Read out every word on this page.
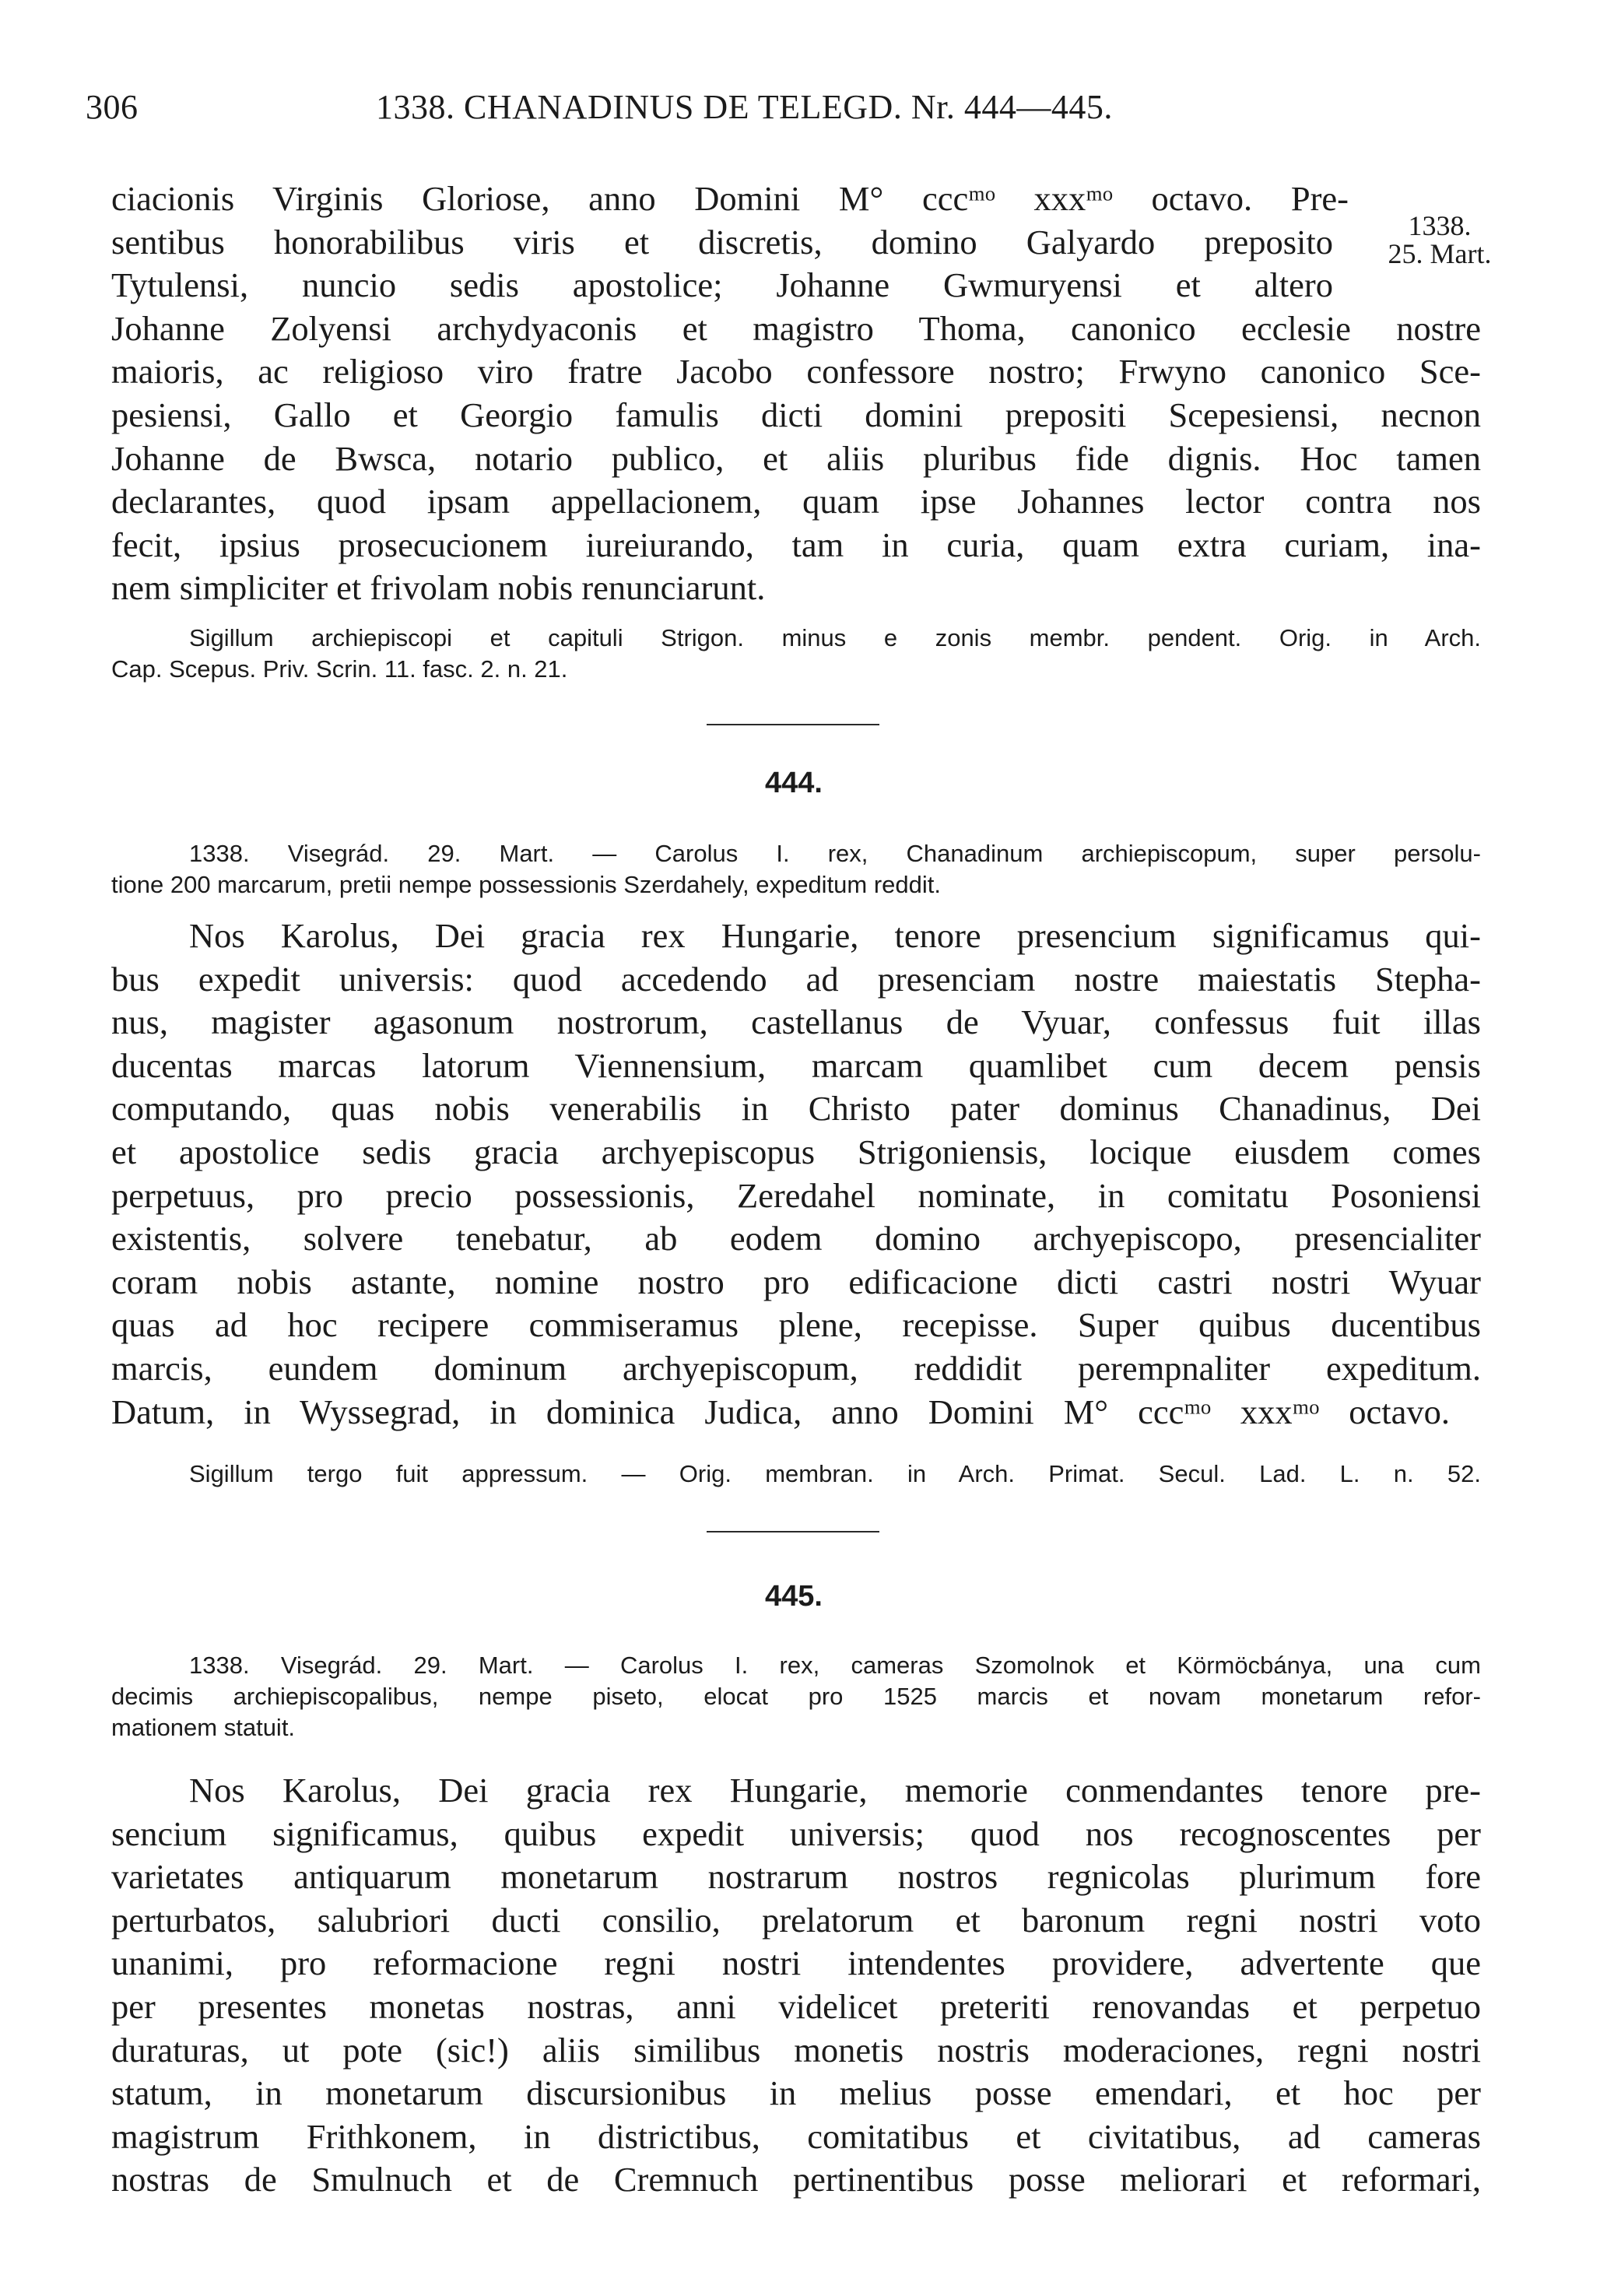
306	1338. CHANADINUS DE TELEGD. Nr. 444—445.
1338.
25. Mart.
ciacionis Virginis Gloriose, anno Domini M° cccᵐᵒ xxxᵐᵒ octavo. Pre-
sentibus honorabilibus viris et discretis, domino Galyardo preposito
Tytulensi, nuncio sedis apostolice; Johanne Gwmuryensi et altero
Johanne Zolyensi archydyaconis et magistro Thoma, canonico ecclesie nostre
maioris, ac religioso viro fratre Jacobo confessore nostro; Frwyno canonico Sce-
pesiensi, Gallo et Georgio famulis dicti domini prepositi Scepesiensi, necnon
Johanne de Bwsca, notario publico, et aliis pluribus fide dignis. Hoc tamen
declarantes, quod ipsam appellacionem, quam ipse Johannes lector contra nos
fecit, ipsius prosecucionem iureiurando, tam in curia, quam extra curiam, ina-
nem simpliciter et frivolam nobis renunciarunt.
Sigillum archiepiscopi et capituli Strigon. minus e zonis membr. pendent. Orig. in Arch.
Cap. Scepus. Priv. Scrin. 11. fasc. 2. n. 21.
444.
1338. Visegrád. 29. Mart. — Carolus I. rex, Chanadinum archiepiscopum, super persolu-
tione 200 marcarum, pretii nempe possessionis Szerdahely, expeditum reddit.
Nos Karolus, Dei gracia rex Hungarie, tenore presencium significamus qui-
bus expedit universis: quod accedendo ad presenciam nostre maiestatis Stepha-
nus, magister agasonum nostrorum, castellanus de Vyuar, confessus fuit illas
ducentas marcas latorum Viennensium, marcam quamlibet cum decem pensis
computando, quas nobis venerabilis in Christo pater dominus Chanadinus, Dei
et apostolice sedis gracia archyepiscopus Strigoniensis, locique eiusdem comes
perpetuus, pro precio possessionis, Zeredahel nominate, in comitatu Posoniensi
existentis, solvere tenebatur, ab eodem domino archyepiscopo, presencialiter
coram nobis astante, nomine nostro pro edificacione dicti castri nostri Wyuar
quas ad hoc recipere commiseramus plene, recepisse. Super quibus ducentibus
marcis, eundem dominum archyepiscopum, reddidit perempnaliter expeditum.
Datum, in Wyssegrad, in dominica Judica, anno Domini M° cccᵐᵒ xxxᵐᵒ octavo.
Sigillum tergo fuit appressum. — Orig. membran. in Arch. Primat. Secul. Lad. L. n. 52.
445.
1338. Visegrád. 29. Mart. — Carolus I. rex, cameras Szomolnok et Körmöcbánya, una cum
decimis archiepiscopalibus, nempe piseto, elocat pro 1525 marcis et novam monetarum refor-
mationem statuit.
Nos Karolus, Dei gracia rex Hungarie, memorie conmendantes tenore pre-
sencium significamus, quibus expedit universis; quod nos recognoscentes per
varietates antiquarum monetarum nostrarum nostros regnicolas plurimum fore
perturbatos, salubriori ducti consilio, prelatorum et baronum regni nostri voto
unanimi, pro reformacione regni nostri intendentes providere, advertente que
per presentes monetas nostras, anni videlicet preteriti renovandas et perpetuo
duraturas, ut pote (sic!) aliis similibus monetis nostris moderaciones, regni nostri
statum, in monetarum discursionibus in melius posse emendari, et hoc per
magistrum Frithkonem, in districtibus, comitatibus et civitatibus, ad cameras
nostras de Smulnuch et de Cremnuch pertinentibus posse meliorari et reformari,
